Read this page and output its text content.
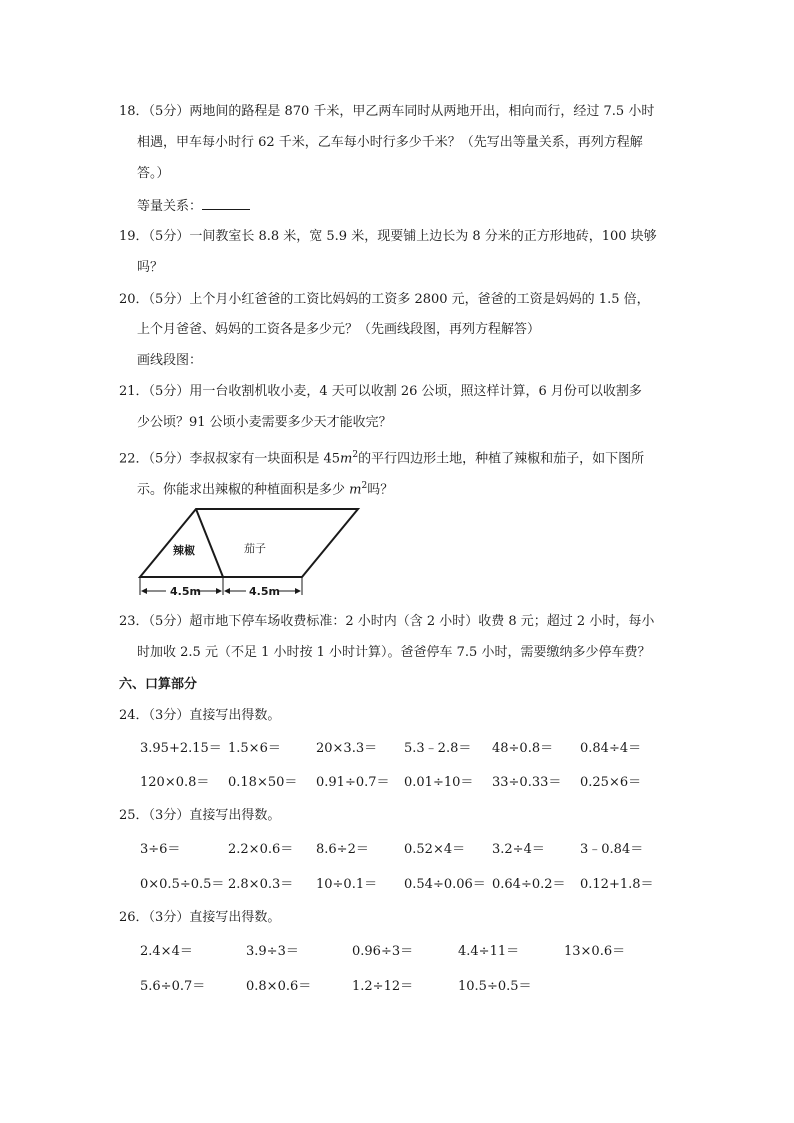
18．（5分）两地间的路程是 870 千米，甲乙两车同时从两地开出，相向而行，经过 7.5 小时
相遇，甲车每小时行 62 千米，乙车每小时行多少千米？（先写出等量关系，再列方程解
答。）
等量关系：
19．（5分）一间教室长 8.8 米，宽 5.9 米，现要铺上边长为 8 分米的正方形地砖，100 块够
吗？
20．（5分）上个月小红爸爸的工资比妈妈的工资多 2800 元，爸爸的工资是妈妈的 1.5 倍，
上个月爸爸、妈妈的工资各是多少元？（先画线段图，再列方程解答）
画线段图：
21．（5分）用一台收割机收小麦，4 天可以收割 26 公顷，照这样计算，6 月份可以收割多
少公顷？91 公顷小麦需要多少天才能收完？
22．（5分）李叔叔家有一块面积是 $45m^2$的平行四边形土地，种植了辣椒和茄子，如下图所
示。你能求出辣椒的种植面积是多少 $m^2$吗？
辣椒	茄子
4.5m	4.5m
23．（5分）超市地下停车场收费标准：2 小时内（含 2 小时）收费 8 元；超过 2 小时，每小
时加收 2.5 元（不足 1 小时按 1 小时计算）。爸爸停车 7.5 小时，需要缴纳多少停车费？
六、口算部分
24．（3分）直接写出得数。
3.95+2.15＝ 1.5×6＝	20×3.3＝ 5.3﹣2.8＝ 48÷0.8＝ 0.84÷4＝
120×0.8＝ 0.18×50＝ 0.91÷0.7＝ 0.01÷10＝ 33÷0.33＝ 0.25×6＝
25．（3分）直接写出得数。
3÷6＝	2.2×0.6＝ 8.6÷2＝	0.52×4＝ 3.2÷4＝	3﹣0.84＝
0×0.5÷0.5＝ 2.8×0.3＝ 10÷0.1＝ 0.54÷0.06＝ 0.64÷0.2＝ 0.12+1.8＝
26．（3分）直接写出得数。
2.4×4＝	3.9÷3＝	0.96÷3＝	4.4÷11＝	13×0.6＝
5.6÷0.7＝	0.8×0.6＝	1.2÷12＝	10.5÷0.5＝
